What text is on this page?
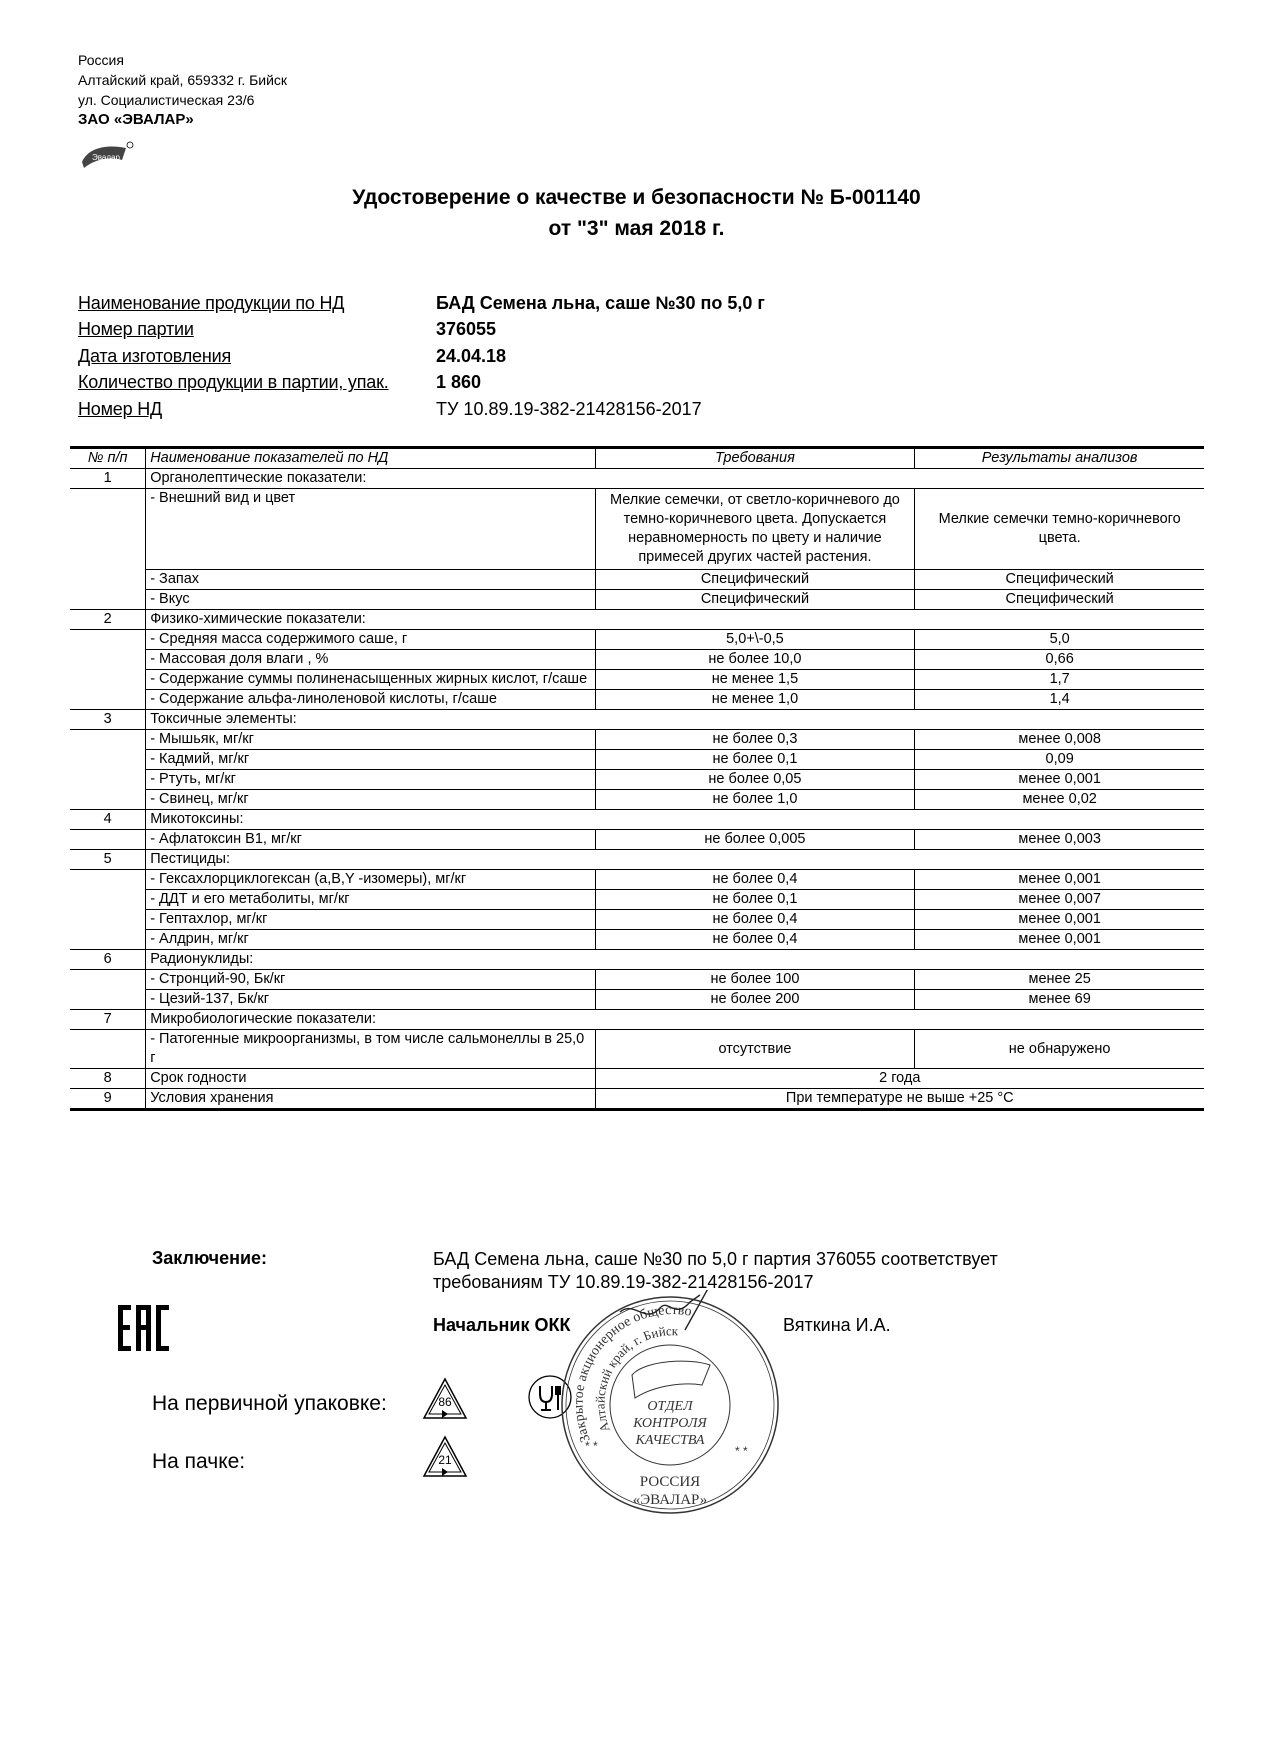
Россия
Алтайский край, 659332 г. Бийск
ул. Социалистическая 23/6
ЗАО «ЭВАЛАР»
Эвалар
Удостоверение о качестве и безопасности № Б-001140
от "3" мая 2018 г.
Наименование продукции по НД	БАД Семена льна, саше №30 по 5,0 г
Номер партии	376055
Дата изготовления	24.04.18
Количество продукции в партии, упак.	1 860
Номер НД	ТУ 10.89.19-382-21428156-2017
№ п/п	Наименование показателей по НД	Требования	Результаты анализов
1	Органолептические показатели:		
	- Внешний вид и цвет	Мелкие семечки, от светло-коричневого до темно-коричневого цвета. Допускается неравномерность по цвету и наличие примесей других частей растения.	Мелкие семечки темно-коричневого цвета.
	- Запах	Специфический	Специфический
	- Вкус	Специфический	Специфический
2	Физико-химические показатели:		
	- Средняя масса содержимого саше, г	5,0+\-0,5	5,0
	- Массовая доля влаги , %	не более 10,0	0,66
	- Содержание суммы полиненасыщенных жирных кислот, г/саше	не менее 1,5	1,7
	- Содержание альфа-линоленовой кислоты, г/саше	не менее 1,0	1,4
3	Токсичные элементы:		
	- Мышьяк, мг/кг	не более 0,3	менее 0,008
	- Кадмий, мг/кг	не более 0,1	0,09
	- Ртуть, мг/кг	не более 0,05	менее 0,001
	- Свинец, мг/кг	не более 1,0	менее 0,02
4	Микотоксины:		
	- Афлатоксин В1, мг/кг	не более 0,005	менее 0,003
5	Пестициды:		
	- Гексахлорциклогексан (a,B,Y -изомеры), мг/кг	не более 0,4	менее 0,001
	- ДДТ и его метаболиты, мг/кг	не более 0,1	менее 0,007
	- Гептахлор, мг/кг	не более 0,4	менее 0,001
	- Алдрин, мг/кг	не более 0,4	менее 0,001
6	Радионуклиды:		
	- Стронций-90, Бк/кг	не более 100	менее 25
	- Цезий-137, Бк/кг	не более 200	менее 69
7	Микробиологические показатели:		
	- Патогенные микроорганизмы, в том числе сальмонеллы в 25,0 г	отсутствие	не обнаружено
8	Срок годности	2 года	
9	Условия хранения	При температуре не выше +25 °С	
Заключение:	БАД Семена льна, саше №30 по 5,0 г партия 376055 соответствует
требованиям ТУ 10.89.19-382-21428156-2017
Начальник ОКК	Вяткина И.А.
На первичной упаковке:
На пачке:
86
21
Закрытое акционерное общество
Алтайский край, г. Бийск
ОТДЕЛ
КОНТРОЛЯ
КАЧЕСТВА
РОССИЯ
«ЭВАЛАР»
* *	* *
